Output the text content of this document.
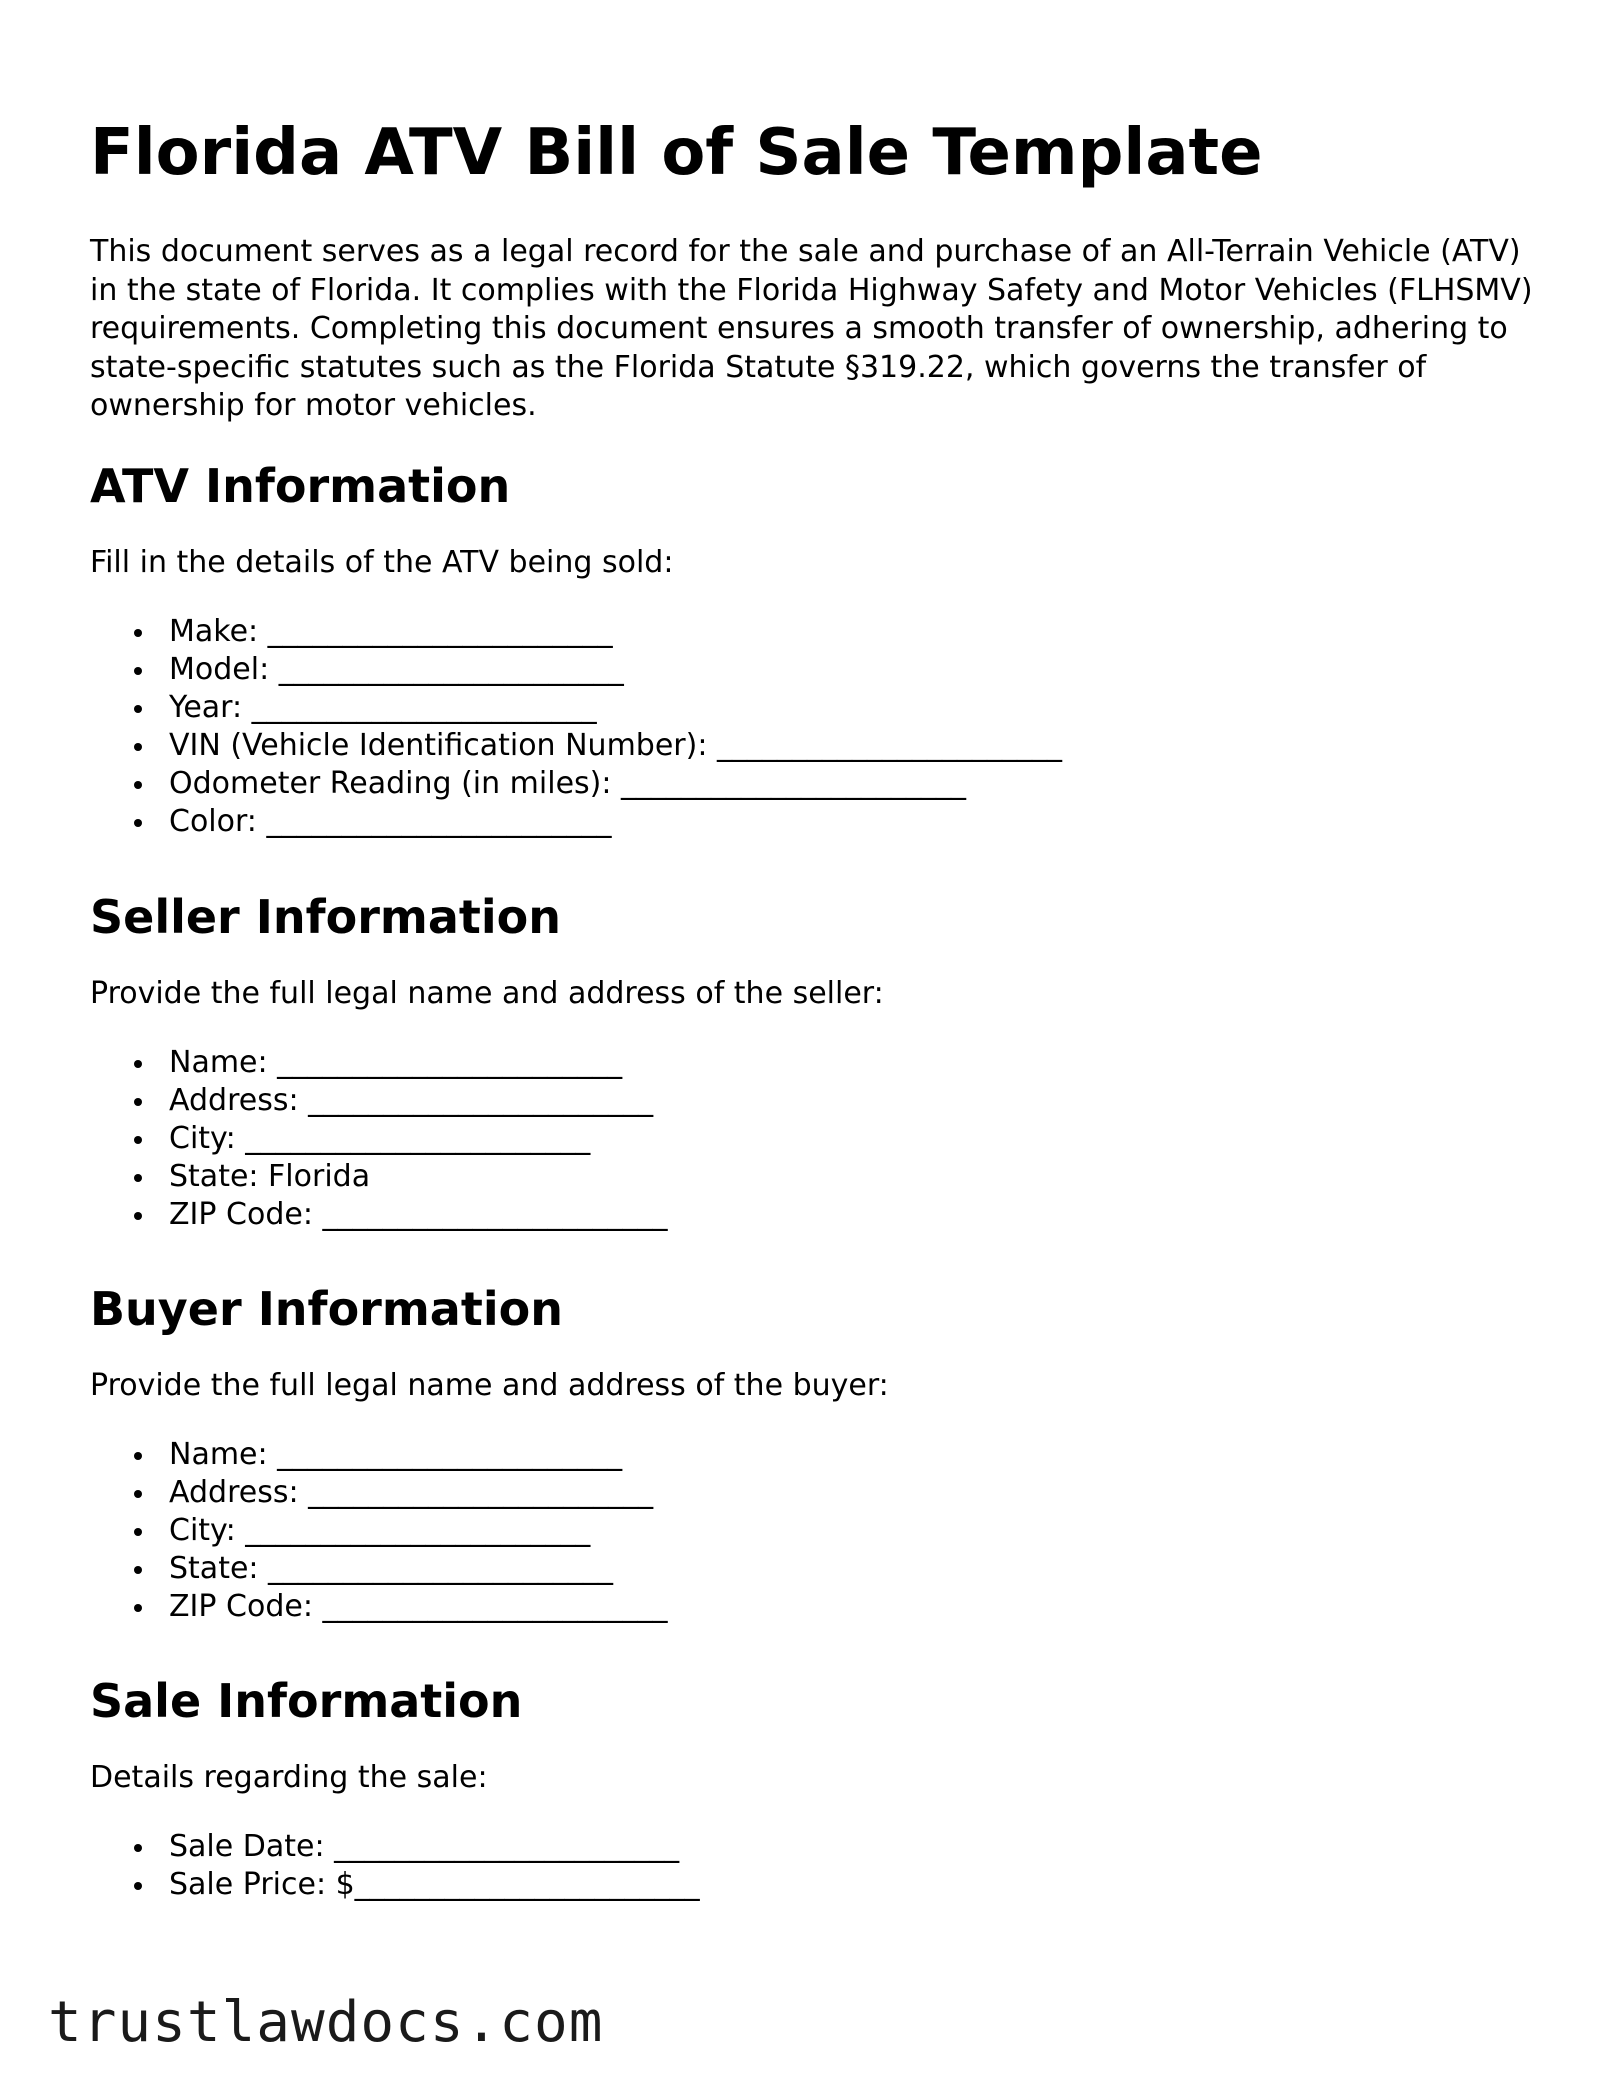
Florida ATV Bill of Sale Template

This document serves as a legal record for the sale and purchase of an All-Terrain Vehicle (ATV) in the state of Florida. It complies with the Florida Highway Safety and Motor Vehicles (FLHSMV) requirements. Completing this document ensures a smooth transfer of ownership, adhering to state-specific statutes such as the Florida Statute §319.22, which governs the transfer of ownership for motor vehicles.

ATV Information

Fill in the details of the ATV being sold:

Make: _______________________
Model: _______________________
Year: _______________________
VIN (Vehicle Identification Number): _______________________
Odometer Reading (in miles): _______________________
Color: _______________________
Seller Information

Provide the full legal name and address of the seller:

Name: _______________________
Address: _______________________
City: _______________________
State: Florida
ZIP Code: _______________________
Buyer Information

Provide the full legal name and address of the buyer:

Name: _______________________
Address: _______________________
City: _______________________
State: _______________________
ZIP Code: _______________________
Sale Information

Details regarding the sale:

Sale Date: _______________________
Sale Price: $_______________________
trustlawdocs.com
